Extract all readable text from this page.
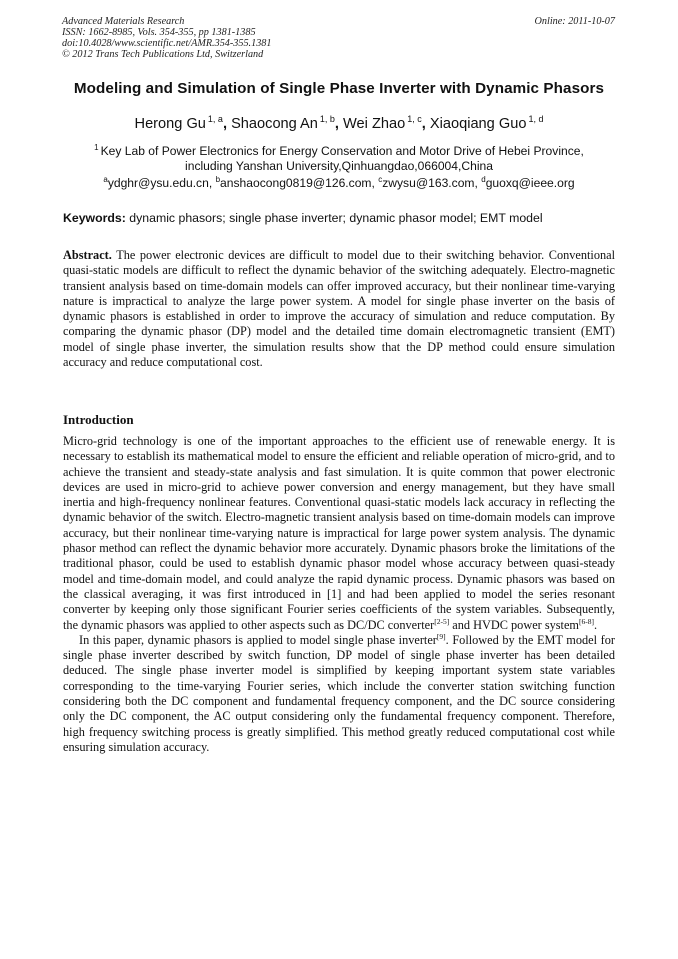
Advanced Materials Research
ISSN: 1662-8985, Vols. 354-355, pp 1381-1385
doi:10.4028/www.scientific.net/AMR.354-355.1381
© 2012 Trans Tech Publications Ltd, Switzerland
Online: 2011-10-07
Modeling and Simulation of Single Phase Inverter with Dynamic Phasors
Herong Gu $^{1, a}$, Shaocong An $^{1, b}$, Wei Zhao $^{1, c}$, Xiaoqiang Guo $^{1, d}$
$^1$ Key Lab of Power Electronics for Energy Conservation and Motor Drive of Hebei Province,
including Yanshan University,Qinhuangdao,066004,China
$^a$ydghr@ysu.edu.cn, $^b$anshaocong0819@126.com, $^c$zwysu@163.com, $^d$guoxq@ieee.org
Keywords: dynamic phasors; single phase inverter; dynamic phasor model; EMT model

Abstract. The power electronic devices are difficult to model due to their switching behavior. Conventional quasi-static models are difficult to reflect the dynamic behavior of the switching adequately. Electro-magnetic transient analysis based on time-domain models can offer improved accuracy, but their nonlinear time-varying nature is impractical to analyze the large power system. A model for single phase inverter on the basis of dynamic phasors is established in order to improve the accuracy of simulation and reduce computation. By comparing the dynamic phasor (DP) model and the detailed time domain electromagnetic transient (EMT) model of single phase inverter, the simulation results show that the DP method could ensure simulation accuracy and reduce computational cost.

Introduction

Micro-grid technology is one of the important approaches to the efficient use of renewable energy. It is necessary to establish its mathematical model to ensure the efficient and reliable operation of micro-grid, and to achieve the transient and steady-state analysis and fast simulation. It is quite common that power electronic devices are used in micro-grid to achieve power conversion and energy management, but they have small inertia and high-frequency nonlinear features. Conventional quasi-static models lack accuracy in reflecting the dynamic behavior of the switch. Electro-magnetic transient analysis based on time-domain models can improve accuracy, but their nonlinear time-varying nature is impractical for large power system analysis. The dynamic phasor method can reflect the dynamic behavior more accurately. Dynamic phasors broke the limitations of the traditional phasor, could be used to establish dynamic phasor model whose accuracy between quasi-steady model and time-domain model, and could analyze the rapid dynamic process. Dynamic phasors was based on the classical averaging, it was first introduced in [1] and had been applied to model the series resonant converter by keeping only those significant Fourier series coefficients of the system variables. Subsequently, the dynamic phasors was applied to other aspects such as DC/DC converter[2-5] and HVDC power system[6-8].

In this paper, dynamic phasors is applied to model single phase inverter[9]. Followed by the EMT model for single phase inverter described by switch function, DP model of single phase inverter has been detailed deduced. The single phase inverter model is simplified by keeping important system state variables corresponding to the time-varying Fourier series, which include the converter station switching function considering both the DC component and fundamental frequency component, and the DC source considering only the DC component, the AC output considering only the fundamental frequency component. Therefore, high frequency switching process is greatly simplified. This method greatly reduced computational cost while ensuring simulation accuracy.
